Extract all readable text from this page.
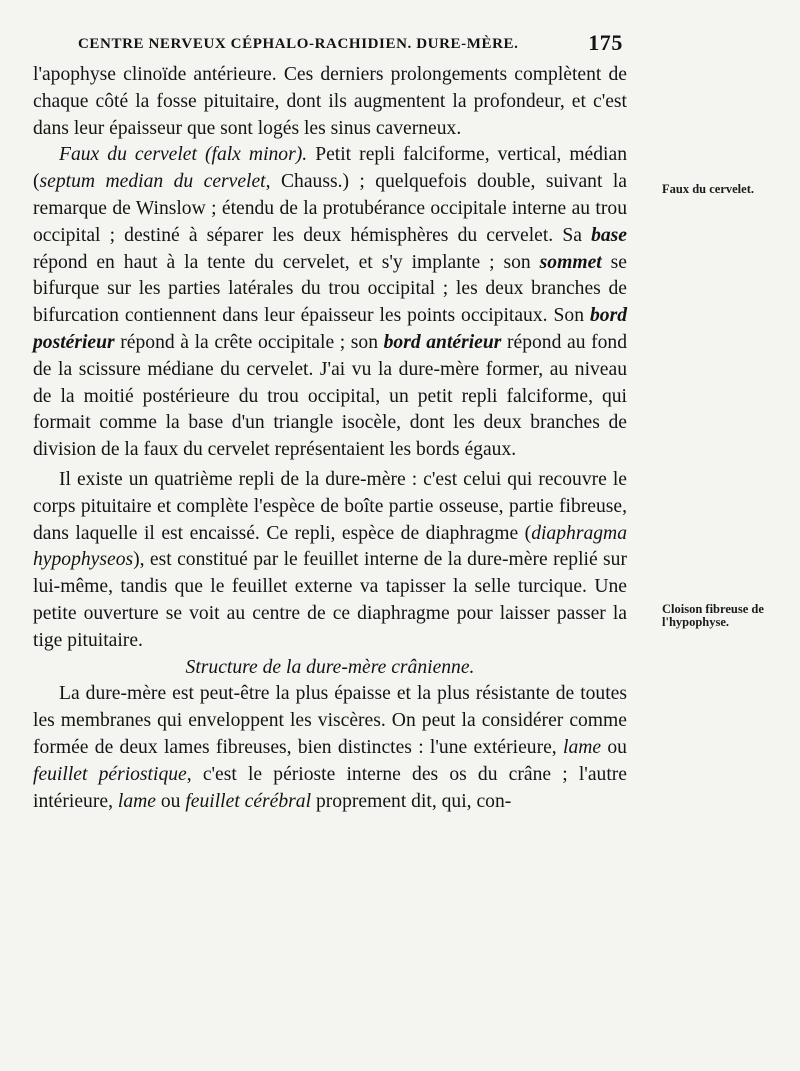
CENTRE NERVEUX CÉPHALO-RACHIDIEN. DURE-MÈRE.	175

l'apophyse clinoïde antérieure. Ces derniers prolongements complètent de chaque côté la fosse pituitaire, dont ils augmentent la profondeur, et c'est dans leur épaisseur que sont logés les sinus caverneux.

Faux du cervelet (falx minor). Petit repli falciforme, vertical, médian (septum median du cervelet, Chauss.) ; quelquefois double, suivant la remarque de Winslow ; étendu de la protubérance occipitale interne au trou occipital ; destiné à séparer les deux hémisphères du cervelet. Sa base répond en haut à la tente du cervelet, et s'y implante ; son sommet se bifurque sur les parties latérales du trou occipital ; les deux branches de bifurcation contiennent dans leur épaisseur les points occipitaux. Son bord postérieur répond à la crête occipitale ; son bord antérieur répond au fond de la scissure médiane du cervelet. J'ai vu la dure-mère former, au niveau de la moitié postérieure du trou occipital, un petit repli falciforme, qui formait comme la base d'un triangle isocèle, dont les deux branches de division de la faux du cervelet représentaient les bords égaux.

Il existe un quatrième repli de la dure-mère : c'est celui qui recouvre le corps pituitaire et complète l'espèce de boîte partie osseuse, partie fibreuse, dans laquelle il est encaissé. Ce repli, espèce de diaphragme (diaphragma hypophyseos), est constitué par le feuillet interne de la dure-mère replié sur lui-même, tandis que le feuillet externe va tapisser la selle turcique. Une petite ouverture se voit au centre de ce diaphragme pour laisser passer la tige pituitaire.

Structure de la dure-mère crânienne.

La dure-mère est peut-être la plus épaisse et la plus résistante de toutes les membranes qui enveloppent les viscères. On peut la considérer comme formée de deux lames fibreuses, bien distinctes : l'une extérieure, lame ou feuillet périostique, c'est le périoste interne des os du crâne ; l'autre intérieure, lame ou feuillet cérébral proprement dit, qui, con-

Faux du cervelet.
Cloison fibreuse de l'hypophyse.
